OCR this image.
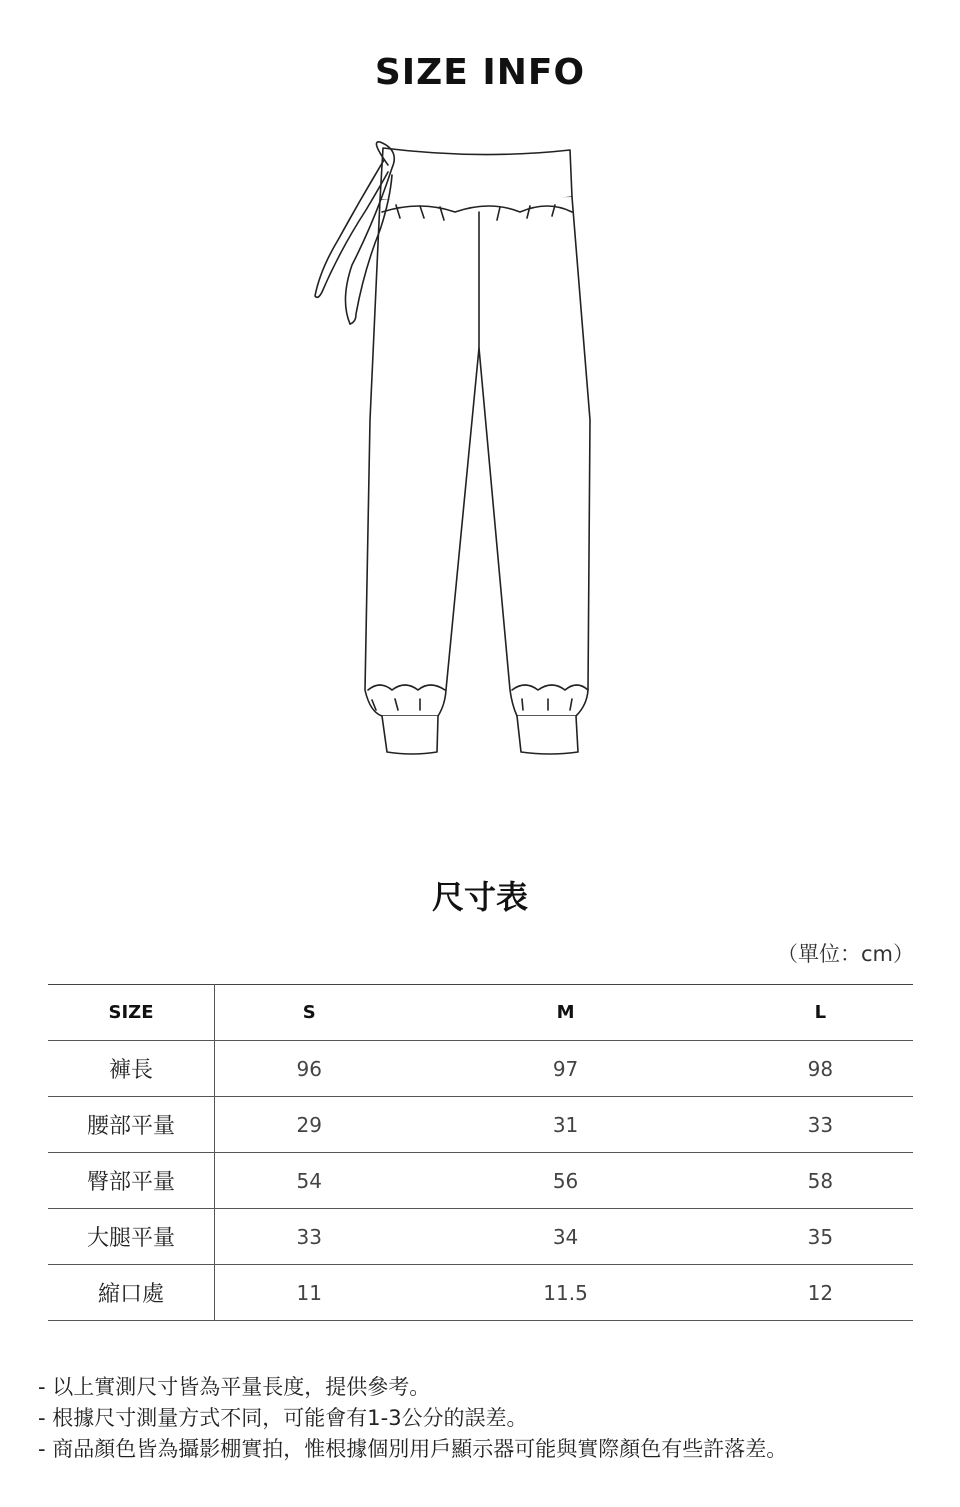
SIZE INFO
尺寸表
（單位：cm）
SIZE	S	M	L
褲長	96	97	98
腰部平量	29	31	33
臀部平量	54	56	58
大腿平量	33	34	35
縮口處	11	11.5	12
- 以上實測尺寸皆為平量長度，提供參考。
- 根據尺寸測量方式不同，可能會有1-3公分的誤差。
- 商品顏色皆為攝影棚實拍，惟根據個別用戶顯示器可能與實際顏色有些許落差。
